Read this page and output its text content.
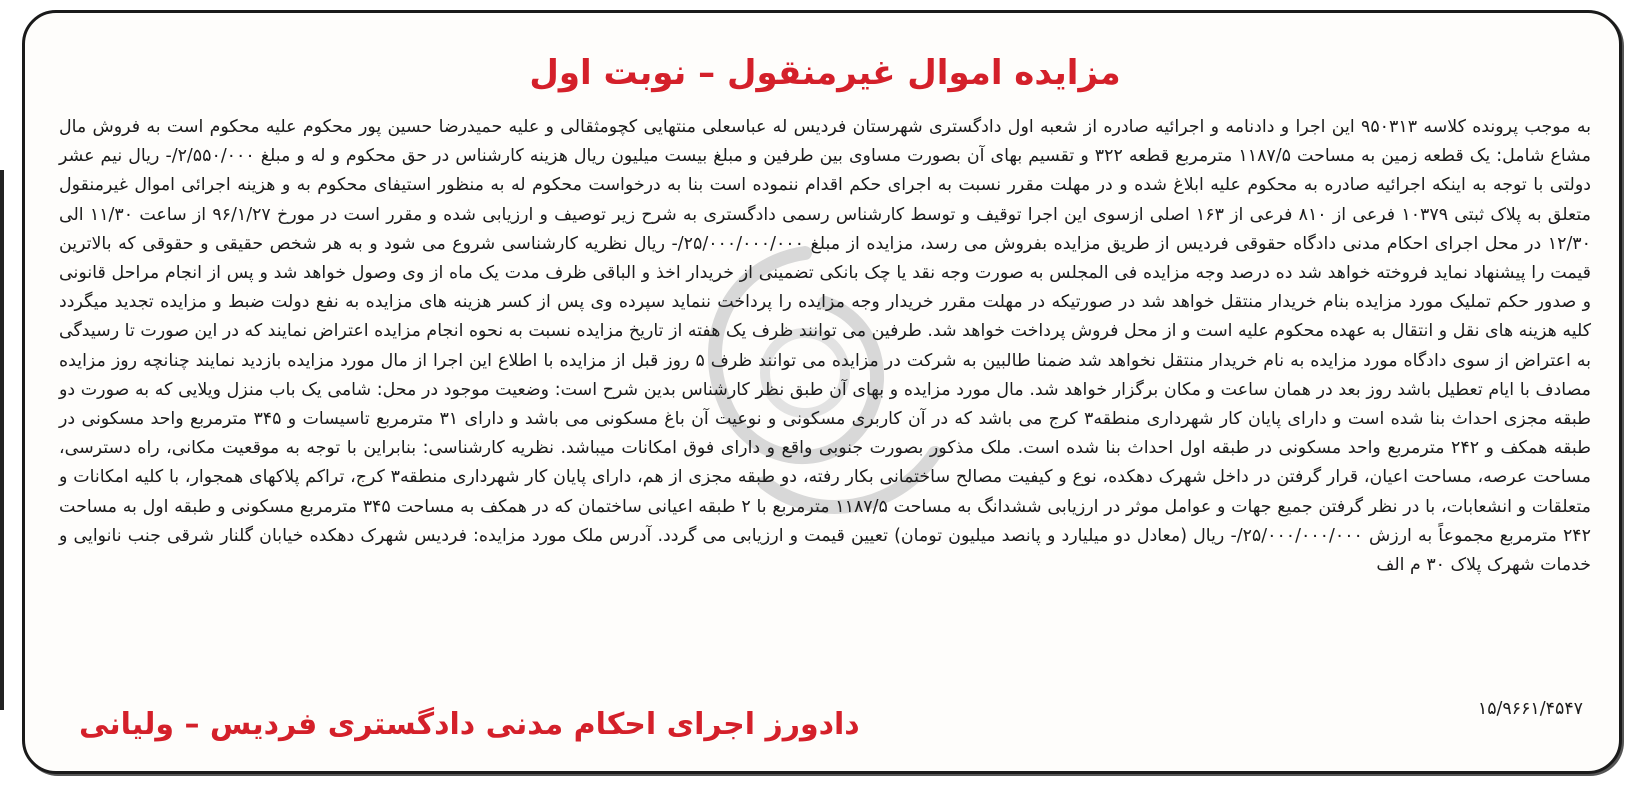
مزایده اموال غیرمنقول – نوبت اول

به موجب پرونده کلاسه ۹۵۰۳۱۳ این اجرا و دادنامه و اجرائیه صادره از شعبه اول دادگستری شهرستان فردیس له عباسعلی منتهایی کچومثقالی و علیه حمیدرضا حسین پور محکوم علیه محکوم است به فروش مال مشاع شامل: یک قطعه زمین به مساحت ۱۱۸۷/۵ مترمربع قطعه ۳۲۲ و تقسیم بهای آن بصورت مساوی بین طرفین و مبلغ بیست میلیون ریال هزینه کارشناس در حق محکوم و له و مبلغ ۲/۵۵۰/۰۰۰/- ریال نیم عشر دولتی با توجه به اینکه اجرائیه صادره به محکوم علیه ابلاغ شده و در مهلت مقرر نسبت به اجرای حکم اقدام ننموده است بنا به درخواست محکوم له به منظور استیفای محکوم به و هزینه اجرائی اموال غیرمنقول متعلق به پلاک ثبتی ۱۰۳۷۹ فرعی از ۸۱۰ فرعی از ۱۶۳ اصلی ازسوی این اجرا توقیف و توسط کارشناس رسمی دادگستری به شرح زیر توصیف و ارزیابی شده و مقرر است در مورخ ۹۶/۱/۲۷ از ساعت ۱۱/۳۰ الی ۱۲/۳۰ در محل اجرای احکام مدنی دادگاه حقوقی فردیس از طریق مزایده بفروش می رسد، مزایده از مبلغ ۲۵/۰۰۰/۰۰۰/۰۰۰/- ریال نظریه کارشناسی شروع می شود و به هر شخص حقیقی و حقوقی که بالاترین قیمت را پیشنهاد نماید فروخته خواهد شد ده درصد وجه مزایده فی المجلس به صورت وجه نقد یا چک بانکی تضمینی از خریدار اخذ و الباقی ظرف مدت یک ماه از وی وصول خواهد شد و پس از انجام مراحل قانونی و صدور حکم تملیک مورد مزایده بنام خریدار منتقل خواهد شد در صورتیکه در مهلت مقرر خریدار وجه مزایده را پرداخت ننماید سپرده وی پس از کسر هزینه های مزایده به نفع دولت ضبط و مزایده تجدید میگردد کلیه هزینه های نقل و انتقال به عهده محکوم علیه است و از محل فروش پرداخت خواهد شد. طرفین می توانند ظرف یک هفته از تاریخ مزایده نسبت به نحوه انجام مزایده اعتراض نمایند که در این صورت تا رسیدگی به اعتراض از سوی دادگاه مورد مزایده به نام خریدار منتقل نخواهد شد ضمنا طالبین به شرکت در مزایده می توانند ظرف ۵ روز قبل از مزایده با اطلاع این اجرا از مال مورد مزایده بازدید نمایند چنانچه روز مزایده مصادف با ایام تعطیل باشد روز بعد در همان ساعت و مکان برگزار خواهد شد. مال مورد مزایده و بهای آن طبق نظر کارشناس بدین شرح است: وضعیت موجود در محل: شامی یک باب منزل ویلایی که به صورت دو طبقه مجزی احداث بنا شده است و دارای پایان کار شهرداری منطقه۳ کرج می باشد که در آن کاربری مسکونی و نوعیت آن باغ مسکونی می باشد و دارای ۳۱ مترمربع تاسیسات و ۳۴۵ مترمربع واحد مسکونی در طبقه همکف و ۲۴۲ مترمربع واحد مسکونی در طبقه اول احداث بنا شده است. ملک مذکور بصورت جنوبی واقع و دارای فوق امکانات میباشد. نظریه کارشناسی: بنابراین با توجه به موقعیت مکانی، راه دسترسی، مساحت عرصه، مساحت اعیان، قرار گرفتن در داخل شهرک دهکده، نوع و کیفیت مصالح ساختمانی بکار رفته، دو طبقه مجزی از هم، دارای پایان کار شهرداری منطقه۳ کرج، تراکم پلاکهای همجوار، با کلیه امکانات و متعلقات و انشعابات، با در نظر گرفتن جمیع جهات و عوامل موثر در ارزیابی ششدانگ به مساحت ۱۱۸۷/۵ مترمربع با ۲ طبقه اعیانی ساختمان که در همکف به مساحت ۳۴۵ مترمربع مسکونی و طبقه اول به مساحت ۲۴۲ مترمربع مجموعاً به ارزش ۲۵/۰۰۰/۰۰۰/۰۰۰/- ریال (معادل دو میلیارد و پانصد میلیون تومان) تعیین قیمت و ارزیابی می گردد. آدرس ملک مورد مزایده: فردیس شهرک دهکده خیابان گلنار شرقی جنب نانوایی و خدمات شهرک پلاک ۳۰ م الف

۱۵/۹۶۶۱/۴۵۴۷

دادورز اجرای احکام مدنی دادگستری فردیس – ولیانی
